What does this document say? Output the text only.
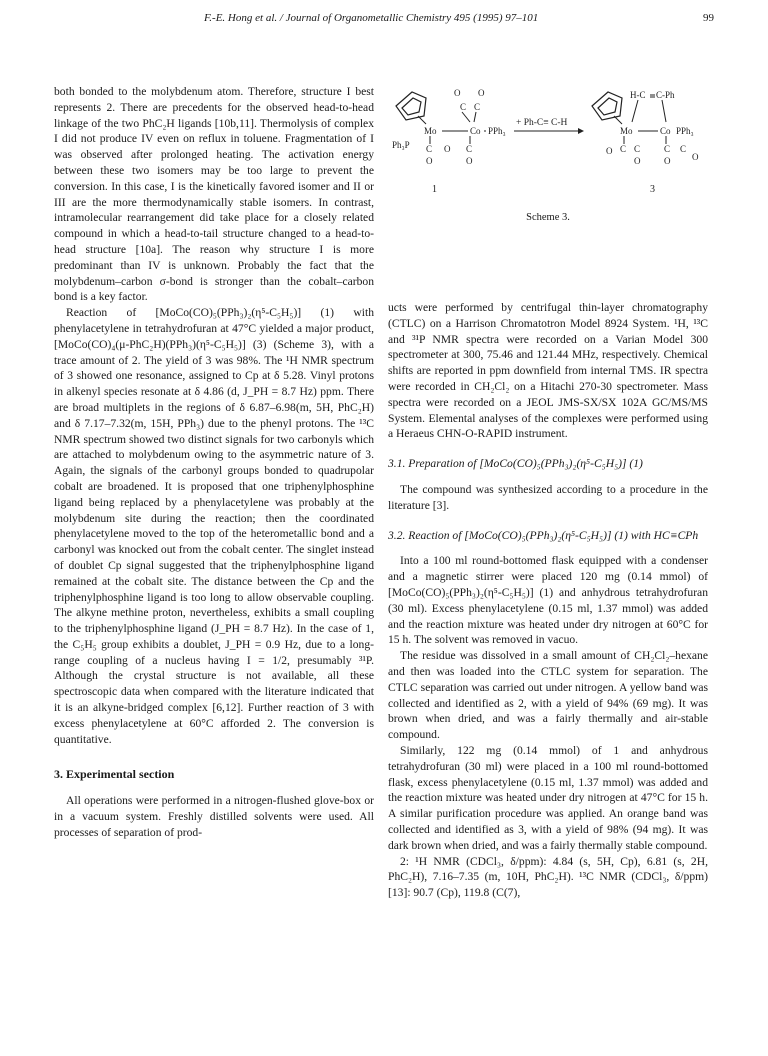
F.-E. Hong et al. / Journal of Organometallic Chemistry 495 (1995) 97–101	99

both bonded to the molybdenum atom. Therefore, structure I best represents 2. There are precedents for the observed head-to-head linkage of the two PhC₂H ligands [10b,11]. Thermolysis of complex I did not produce IV even on reflux in toluene. Fragmentation of I was observed after prolonged heating. The activation energy between these two isomers may be too large to prevent the conversion. In this case, I is the kinetically favored isomer and II or III are the more thermodynamically stable isomers. In contrast, intramolecular rearrangement did take place for a closely related compound in which a head-to-tail structure changed to a head-to-head structure [10a]. The reason why structure I is more predominant than IV is unknown. Probably the fact that the molybdenum–carbon σ-bond is stronger than the cobalt–carbon bond is a key factor.

Reaction of [MoCo(CO)₅(PPh₃)₂(η⁵-C₅H₅)] (1) with phenylacetylene in tetrahydrofuran at 47°C yielded a major product, [MoCo(CO)₄(μ-PhC₂H)(PPh₃)(η⁵-C₅H₅)] (3) (Scheme 3), with a trace amount of 2. The yield of 3 was 98%. The ¹H NMR spectrum of 3 showed one resonance, assigned to Cp at δ 5.28. Vinyl protons in alkenyl species resonate at δ 4.86 (d, J_PH = 8.7 Hz) ppm. There are broad multiplets in the regions of δ 6.87–6.98(m, 5H, PhC₂H) and δ 7.17–7.32(m, 15H, PPh₃) due to the phenyl protons. The ¹³C NMR spectrum showed two distinct signals for two carbonyls which are attached to molybdenum owing to the asymmetric nature of 3. Again, the signals of the carbonyl groups bonded to quadrupolar cobalt are broadened. It is proposed that one triphenylphosphine ligand being replaced by a phenylacetylene was probably at the molybdenum site during the reaction; then the coordinated phenylacetylene moved to the top of the heterometallic bond and a carbonyl was knocked out from the cobalt center. The singlet instead of doublet Cp signal suggested that the triphenylphosphine ligand remained at the cobalt site. The distance between the Cp and the triphenylphosphine ligand is too long to allow observable coupling. The alkyne methine proton, nevertheless, exhibits a small coupling to the triphenylphosphine ligand (J_PH = 8.7 Hz). In the case of 1, the C₅H₅ group exhibits a doublet, J_PH = 0.9 Hz, due to a long-range coupling of a nucleus having I = 1/2, presumably ³¹P. Although the crystal structure is not available, all these spectroscopic data when compared with the literature indicated that it is an alkyne-bridged complex [6,12]. Further reaction of 3 with excess phenylacetylene at 60°C afforded 2. The conversion is quantitative.

3. Experimental section

All operations were performed in a nitrogen-flushed glove-box or in a vacuum system. Freshly distilled solvents were used. All processes of separation of prod-

O O
C C
Mo	Co PPh₃
Ph₃P C O C
O	O
1
+ Ph-C≡ C-H
H-C C-Ph
Mo	Co PPh₃
O C C	C C
O	O O
3
Scheme 3.

ucts were performed by centrifugal thin-layer chromatography (CTLC) on a Harrison Chromatotron Model 8924 System. ¹H, ¹³C and ³¹P NMR spectra were recorded on a Varian Model 300 spectrometer at 300, 75.46 and 121.44 MHz, respectively. Chemical shifts are reported in ppm downfield from internal TMS. IR spectra were recorded in CH₂Cl₂ on a Hitachi 270-30 spectrometer. Mass spectra were recorded on a JEOL JMS-SX/SX 102A GC/MS/MS System. Elemental analyses of the complexes were performed using a Heraeus CHN-O-RAPID instrument.

3.1. Preparation of [MoCo(CO)₅(PPh₃)₂(η⁵-C₅H₅)] (1)

The compound was synthesized according to a procedure in the literature [3].

3.2. Reaction of [MoCo(CO)₅(PPh₃)₂(η⁵-C₅H₅)] (1) with HC≡CPh

Into a 100 ml round-bottomed flask equipped with a condenser and a magnetic stirrer were placed 120 mg (0.14 mmol) of [MoCo(CO)₅(PPh₃)₂(η⁵-C₅H₅)] (1) and anhydrous tetrahydrofuran (30 ml). Excess phenylacetylene (0.15 ml, 1.37 mmol) was added and the reaction mixture was heated under dry nitrogen at 60°C for 15 h. The solvent was removed in vacuo.

The residue was dissolved in a small amount of CH₂Cl₂–hexane and then was loaded into the CTLC system for separation. The CTLC separation was carried out under nitrogen. A yellow band was collected and identified as 2, with a yield of 94% (69 mg). It was brown when dried, and was a fairly thermally and air-stable compound.

Similarly, 122 mg (0.14 mmol) of 1 and anhydrous tetrahydrofuran (30 ml) were placed in a 100 ml round-bottomed flask, excess phenylacetylene (0.15 ml, 1.37 mmol) was added and the reaction mixture was heated under dry nitrogen at 47°C for 15 h. A similar purification procedure was applied. An orange band was collected and identified as 3, with a yield of 98% (94 mg). It was dark brown when dried, and was a fairly thermally stable compound.

2: ¹H NMR (CDCl₃, δ/ppm): 4.84 (s, 5H, Cp), 6.81 (s, 2H, PhC₂H), 7.16–7.35 (m, 10H, PhC₂H). ¹³C NMR (CDCl₃, δ/ppm) [13]: 90.7 (Cp), 119.8 (C(7),
